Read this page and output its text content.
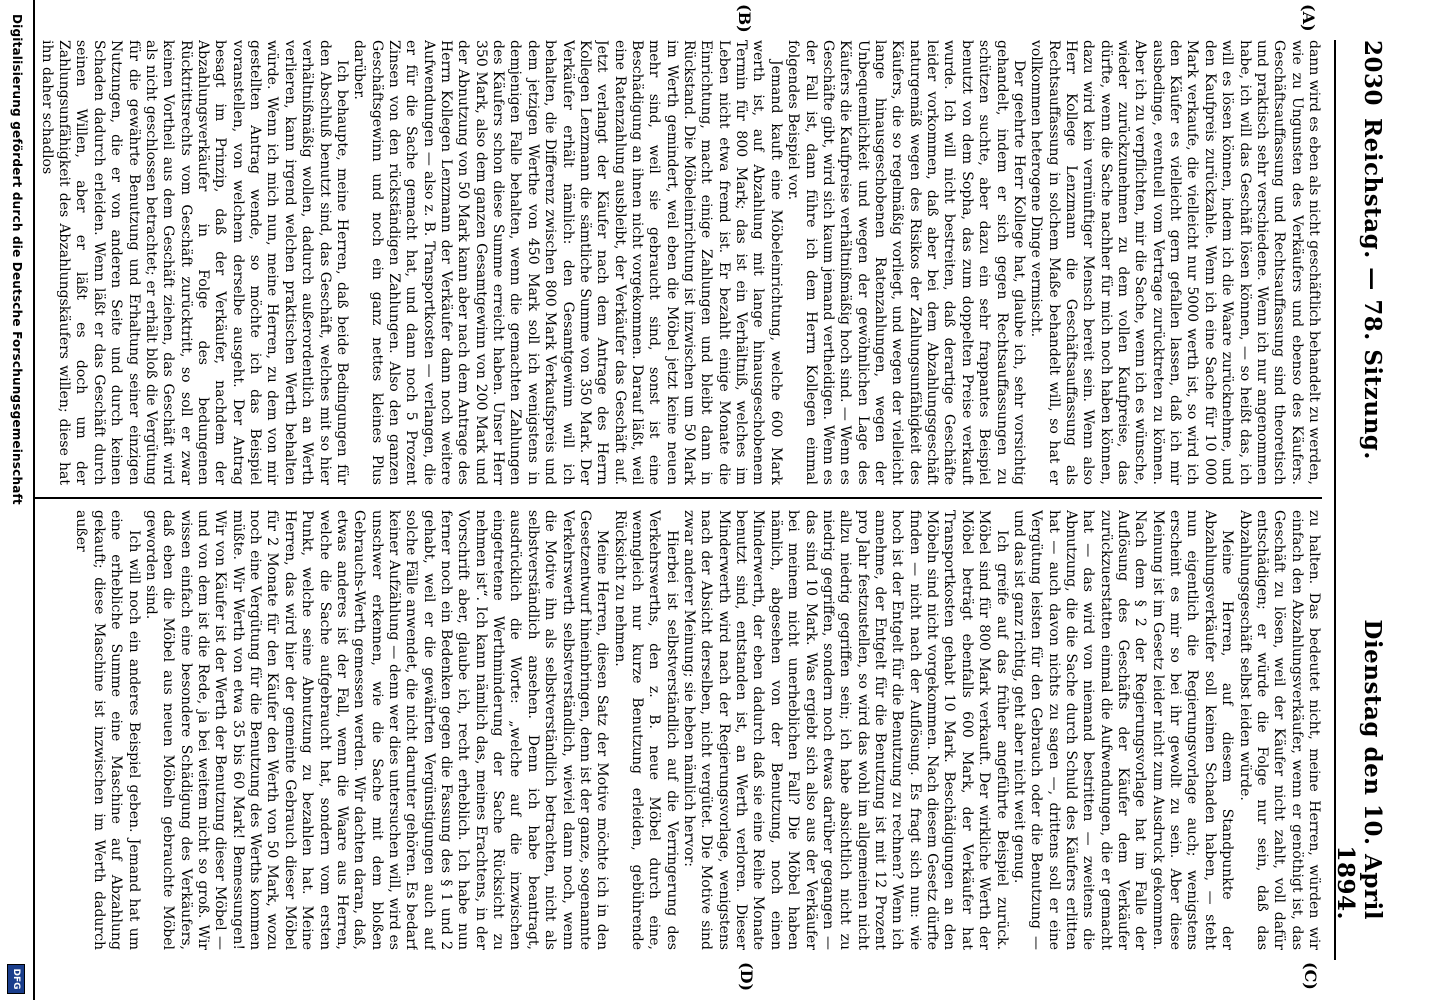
2030
Reichstag. — 78. Sitzung.
Dienstag den 10. April 1894.
(A)
(B)
(C)
(D)

dann wird es eben als nicht geschäftlich behandelt zu werden, wie zu Ungunsten des Verkäufers und ebenso des Käufers. Geschäftsauffassung und Rechtsauffassung sind theoretisch und praktisch sehr verschiedene. Wenn ich nur angenommen habe, ich will das Geschäft lösen können, — so heißt das, ich will es lösen können, indem ich die Waare zurücknehme, und den Kaufpreis zurückzahle. Wenn ich eine Sache für 10 000 Mark verkaufe, die vielleicht nur 5000 werth ist, so wird ich den Käufer es vielleicht gern gefallen lassen, daß ich mir ausbedinge, eventuell vom Vertrage zurücktreten zu können. Aber ich zu verpflichten, mir die Sache, wenn ich es wünsche, wieder zurückzunehmen zu dem vollen Kaufpreise, das dürfte, wenn die Sache nachher für mich noch haben können, dazu wird kein vernünftiger Mensch bereit sein. Wenn also Herr Kollege Lenzmann die Geschäftsauffassung als Rechtsauffassung in solchem Maße behandelt will, so hat er vollkommen heterogene Dinge vermischt.

Der geehrte Herr Kollege hat, glaube ich, sehr vorsichtig gehandelt, indem er sich gegen Rechtsauffassungen zu schützen suchte, aber dazu ein sehr frappantes Beispiel benutzt von dem Sopha, das zum doppelten Preise verkauft wurde. Ich will nicht bestreiten, daß derartige Geschäfte leider vorkommen, daß aber bei dem Abzahlungsgeschäft naturgemäß wegen des Risikos der Zahlungsunfähigkeit des Käufers, die so regelmäßig vorliegt, und wegen der vielleicht lange hinausgeschobenen Ratenzahlungen, wegen der Unbequemlichkeit und wegen der gewöhnlichen Lage des Käufers die Kaufpreise verhältnißmäßig hoch sind. — Wenn es Geschäfte gibt, wird sich kaum jemand vertheidigen. Wenn es der Fall ist, dann führe ich dem Herrn Kollegen einmal folgendes Beispiel vor.

Jemand kauft eine Möbeleinrichtung, welche 600 Mark werth ist, auf Abzahlung mit lange hinausgeschobenem Termin für 800 Mark; das ist ein Verhältniß, welches im Leben nicht etwa fremd ist. Er bezahlt einige Monate die Einrichtung, macht einige Zahlungen und bleibt dann in Rückstand. Die Möbeleinrichtung ist inzwischen um 50 Mark im Werth gemindert, weil eben die Möbel jetzt keine neuen mehr sind, weil sie gebraucht sind, sonst ist eine Beschädigung an ihnen nicht vorgekommen. Darauf läßt, weil eine Ratenzahlung ausbleibt, der Verkäufer das Geschäft auf. Jetzt verlangt der Käufer nach dem Antrage des Herrn Kollegen Lenzmann die sämtliche Summe von 350 Mark. Der Verkäufer erhält nämlich: den Gesamtgewinn will ich behalten, die Differenz zwischen 800 Mark Verkaufspreis und dem jetzigen Werthe von 450 Mark soll ich wenigstens in demjenigen Falle behalten, wenn die gemachten Zahlungen des Käufers schon diese Summe erreicht haben. Unser Herr 350 Mark, also dem ganzen Gesamtgewinn von 200 Mark und der Abnutzung von 50 Mark kann aber nach dem Antrage des Herrn Kollegen Lenzmann der Verkäufer dann noch weitere Aufwendungen — also z. B. Transportkosten — verlangen, die er für die Sache gemacht hat, und dann noch 5 Prozent Zinsen von den rückständigen Zahlungen. Also den ganzen Geschäftsgewinn und noch ein ganz nettes kleines Plus darüber.

Ich behaupte, meine Herren, daß beide Bedingungen für den Abschluß benutzt sind, das Geschäft, welches mit so hier verhältnißmäßig wollen, dadurch außerordentlich an Werth verlieren, kann irgend welchen praktischen Werth behalten würde. Wenn ich mich nun, meine Herren, zu dem von mir gestellten Antrag wende, so möchte ich das Beispiel voranstellen, von welchem derselbe ausgeht. Der Antrag besagt im Prinzip, daß der Verkäufer, nachdem der Abzahlungsverkäufer in Folge des bedungenen Rücktrittsrechts vom Geschäft zurücktritt, so soll er zwar keinen Vortheil aus dem Geschäft ziehen, das Geschäft wird als nicht geschlossen betrachtet; er erhält bloß die Vergütung für die gewährte Benutzung und Erhaltung seiner einzigen Nutzungen, die er von anderen Seite und durch keinen Schaden dadurch erleiden. Wenn läßt er das Geschäft durch seinen Willen, aber er läßt es doch um der Zahlungsunfähigkeit des Abzahlungskäufers willen; diese hat ihn daher schadlos

zu halten. Das bedeutet nicht, meine Herren, würden wir einfach den Abzahlungsverkäufer, wenn er genöthigt ist, das Geschäft zu lösen, weil der Käufer nicht zahlt, voll dafür entschädigen; er würde die Folge nur sein, daß das Abzahlungsgeschäft selbst leiden würde.

Meine Herren, auf diesem Standpunkte der Abzahlungsverkäufer soll keinen Schaden haben, — steht nun eigentlich die Regierungsvorlage auch; wenigstens erscheint es mir so bei ihr gewollt zu sein. Aber diese Meinung ist im Gesetz leider nicht zum Ausdruck gekommen. Nach dem § 2 der Regierungsvorlage hat im Falle der Auflösung des Geschäfts der Käufer dem Verkäufer zurückzuerstatten einmal die Aufwendungen, die er gemacht hat — das wird von niemand bestritten — zweitens die Abnutzung, die die Sache durch Schuld des Käufers erlitten hat — auch davon nichts zu sagen —, drittens soll er eine Vergütung leisten für den Gebrauch oder die Benutzung — und das ist ganz richtig, geht aber nicht weit genug.

Ich greife auf das früher angeführte Beispiel zurück. Möbel sind für 800 Mark verkauft. Der wirkliche Werth der Möbel beträgt ebenfalls 600 Mark, der Verkäufer hat Transportkosten gehabt 10 Mark. Beschädigungen an den Möbeln sind nicht vorgekommen. Nach diesem Gesetz dürfte finden — nicht nach der Auflösung. Es fragt sich nun: wie hoch ist der Entgelt für die Benutzung zu rechnen? Wenn ich annehme, der Entgelt für die Benutzung ist mit 12 Prozent pro Jahr festzustellen, so wird das wohl im allgemeinen nicht allzu niedrig gegriffen sein; ich habe absichtlich nicht zu niedrig gegriffen, sondern noch etwas darüber gegangen — das sind 10 Mark. Was ergiebt sich also aus der Verkäufer bei meinem nicht unerheblichen Fall? Die Möbel haben nämlich, abgesehen von der Benutzung, noch einen Minderwerth, der eben dadurch daß sie eine Reihe Monate benutzt sind, entstanden ist, an Werth verloren. Dieser Minderwerth wird nach der Regierungsvorlage, wenigstens nach der Absicht derselben, nicht vergütet. Die Motive sind zwar anderer Meinung; sie heben nämlich hervor:

Hierbei ist selbstverständlich auf die Verringerung des Verkehrswerths, den z. B. neue Möbel durch eine, wenngleich nur kurze Benutzung erleiden, gebührende Rücksicht zu nehmen.

Meine Herren, diesen Satz der Motive möchte ich in den Gesetzentwurf hineinbringen, denn ist der ganze, sogenannte Verkehrswerth selbstverständlich, wieviel dann noch, wenn die Motive ihn als selbstverständlich betrachten, nicht als selbstverständlich ansehen. Denn ich habe beantragt, ausdrücklich die Worte: „welche auf die inzwischen eingetretene Werthminderung der Sache Rücksicht zu nehmen ist“. Ich kann nämlich das, meines Erachtens, in der Vorschrift aber, glaube ich, recht erheblich. Ich habe nun ferner noch ein Bedenken gegen die Fassung des § 1 und 2 gehabt, weil er die gewährten Vergünstigungen auch auf solche Fälle anwendet, die nicht darunter gehören. Es bedarf keiner Aufzählung — denn wer dies untersuchen will, wird es unschwer erkennen, wie die Sache mit dem bloßen Gebrauchs-Werth gemessen werden. Wir dachten daran, daß, etwas anderes ist der Fall, wenn die Waare aus Herren, welche die Sache aufgebraucht hat, sondern vom ersten Punkt, welche seine Abnutzung zu bezahlen hat. Meine Herren, das wird hier der gemeinte Gebrauch dieser Möbel für 2 Monate für den Käufer den Werth von 50 Mark, wozu noch eine Vergütung für die Benutzung des Werths kommen müßte. Wir Werth von etwa 35 bis 60 Mark! Bemessungen! Wir von Käufer ist der Werth der Benutzung dieser Möbel — und von dem ist die Rede, ja bei weitem nicht so groß. Wir wissen einfach eine besondere Schädigung des Verkäufers, daß eben die Möbel aus neuen Möbeln gebrauchte Möbel geworden sind.

Ich will noch ein anderes Beispiel geben. Jemand hat um eine erhebliche Summe eine Maschine auf Abzahlung gekauft; diese Maschine ist inzwischen im Werth dadurch außer

Digitalisierung gefördert durch die Deutsche Forschungsgemeinschaft
DFG
